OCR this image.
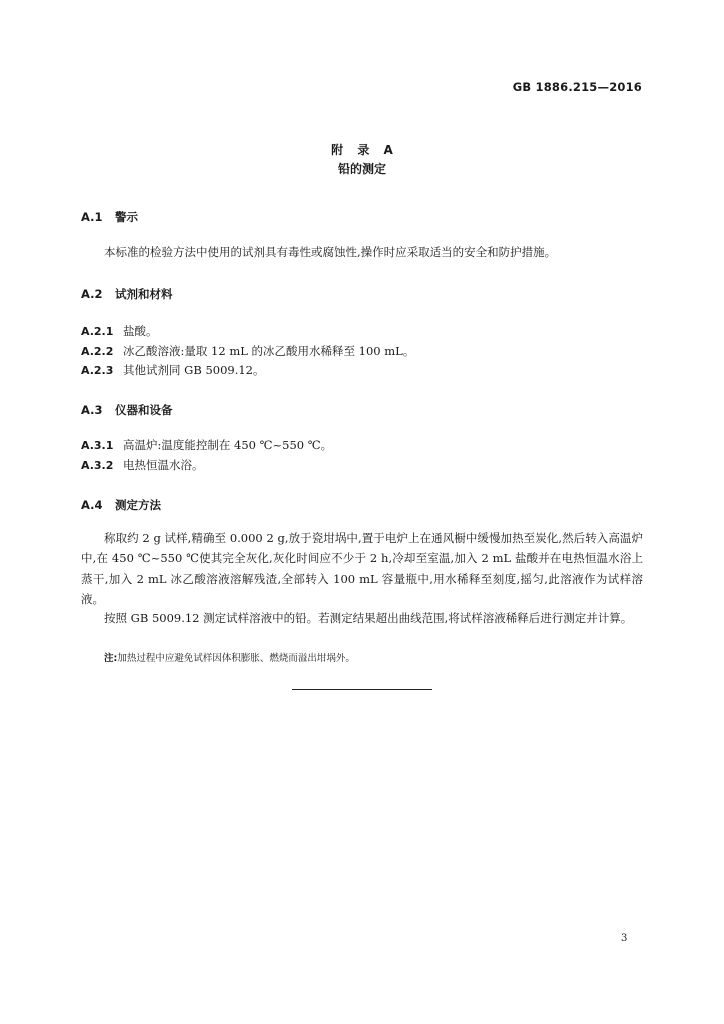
GB 1886.215—2016
附 录 A
铅的测定
A.1 警示
本标准的检验方法中使用的试剂具有毒性或腐蚀性,操作时应采取适当的安全和防护措施。
A.2 试剂和材料
A.2.1 盐酸。
A.2.2 冰乙酸溶液:量取 12 mL 的冰乙酸用水稀释至 100 mL。
A.2.3 其他试剂同 GB 5009.12。
A.3 仪器和设备
A.3.1 高温炉:温度能控制在 450 ℃~550 ℃。
A.3.2 电热恒温水浴。
A.4 测定方法
称取约 2 g 试样,精确至 0.000 2 g,放于瓷坩埚中,置于电炉上在通风橱中缓慢加热至炭化,然后转入高温炉中,在 450 ℃~550 ℃使其完全灰化,灰化时间应不少于 2 h,冷却至室温,加入 2 mL 盐酸并在电热恒温水浴上蒸干,加入 2 mL 冰乙酸溶液溶解残渣,全部转入 100 mL 容量瓶中,用水稀释至刻度,摇匀,此溶液作为试样溶液。
按照 GB 5009.12 测定试样溶液中的铅。若测定结果超出曲线范围,将试样溶液稀释后进行测定并计算。
注:加热过程中应避免试样因体积膨胀、燃烧而溢出坩埚外。
3
